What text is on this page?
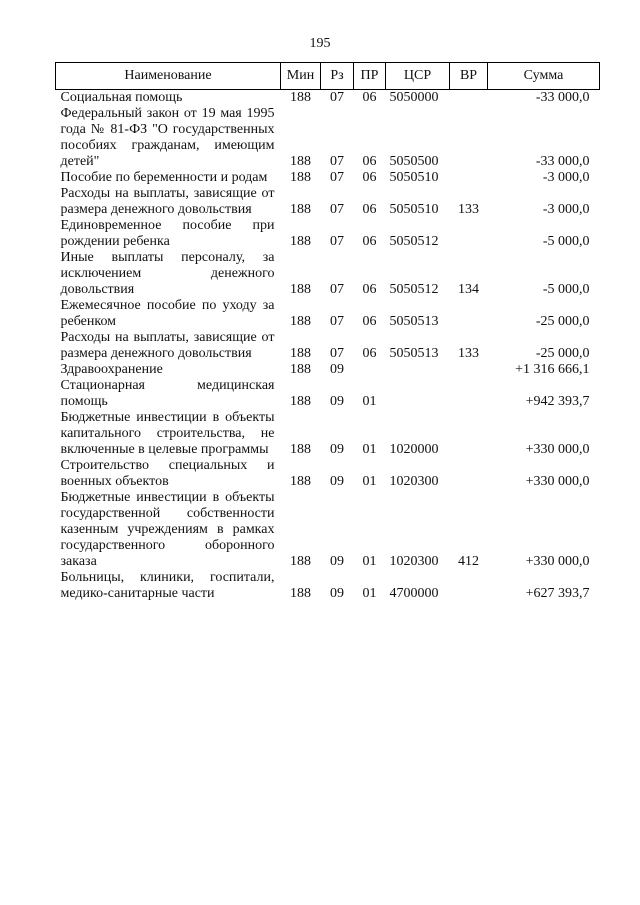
195
Наименование	Мин	Рз	ПР	ЦСР	ВР	Сумма
Социальная помощь	188	07	06	5050000		-33 000,0
Федеральный закон от 19 мая 1995 года № 81-ФЗ "О государственных пособиях гражданам, имеющим детей"	188	07	06	5050500		-33 000,0
Пособие по беременности и родам	188	07	06	5050510		-3 000,0
Расходы на выплаты, зависящие от размера денежного довольствия	188	07	06	5050510	133	-3 000,0
Единовременное пособие при рождении ребенка	188	07	06	5050512		-5 000,0
Иные выплаты персоналу, за исключением денежного довольствия	188	07	06	5050512	134	-5 000,0
Ежемесячное пособие по уходу за ребенком	188	07	06	5050513		-25 000,0
Расходы на выплаты, зависящие от размера денежного довольствия	188	07	06	5050513	133	-25 000,0
Здравоохранение	188	09				+1 316 666,1
Стационарная медицинская помощь	188	09	01			+942 393,7
Бюджетные инвестиции в объекты капитального строительства, не включенные в целевые программы	188	09	01	1020000		+330 000,0
Строительство специальных и военных объектов	188	09	01	1020300		+330 000,0
Бюджетные инвестиции в объекты государственной собственности казенным учреждениям в рамках государственного оборонного заказа	188	09	01	1020300	412	+330 000,0
Больницы, клиники, госпитали, медико-санитарные части	188	09	01	4700000		+627 393,7
